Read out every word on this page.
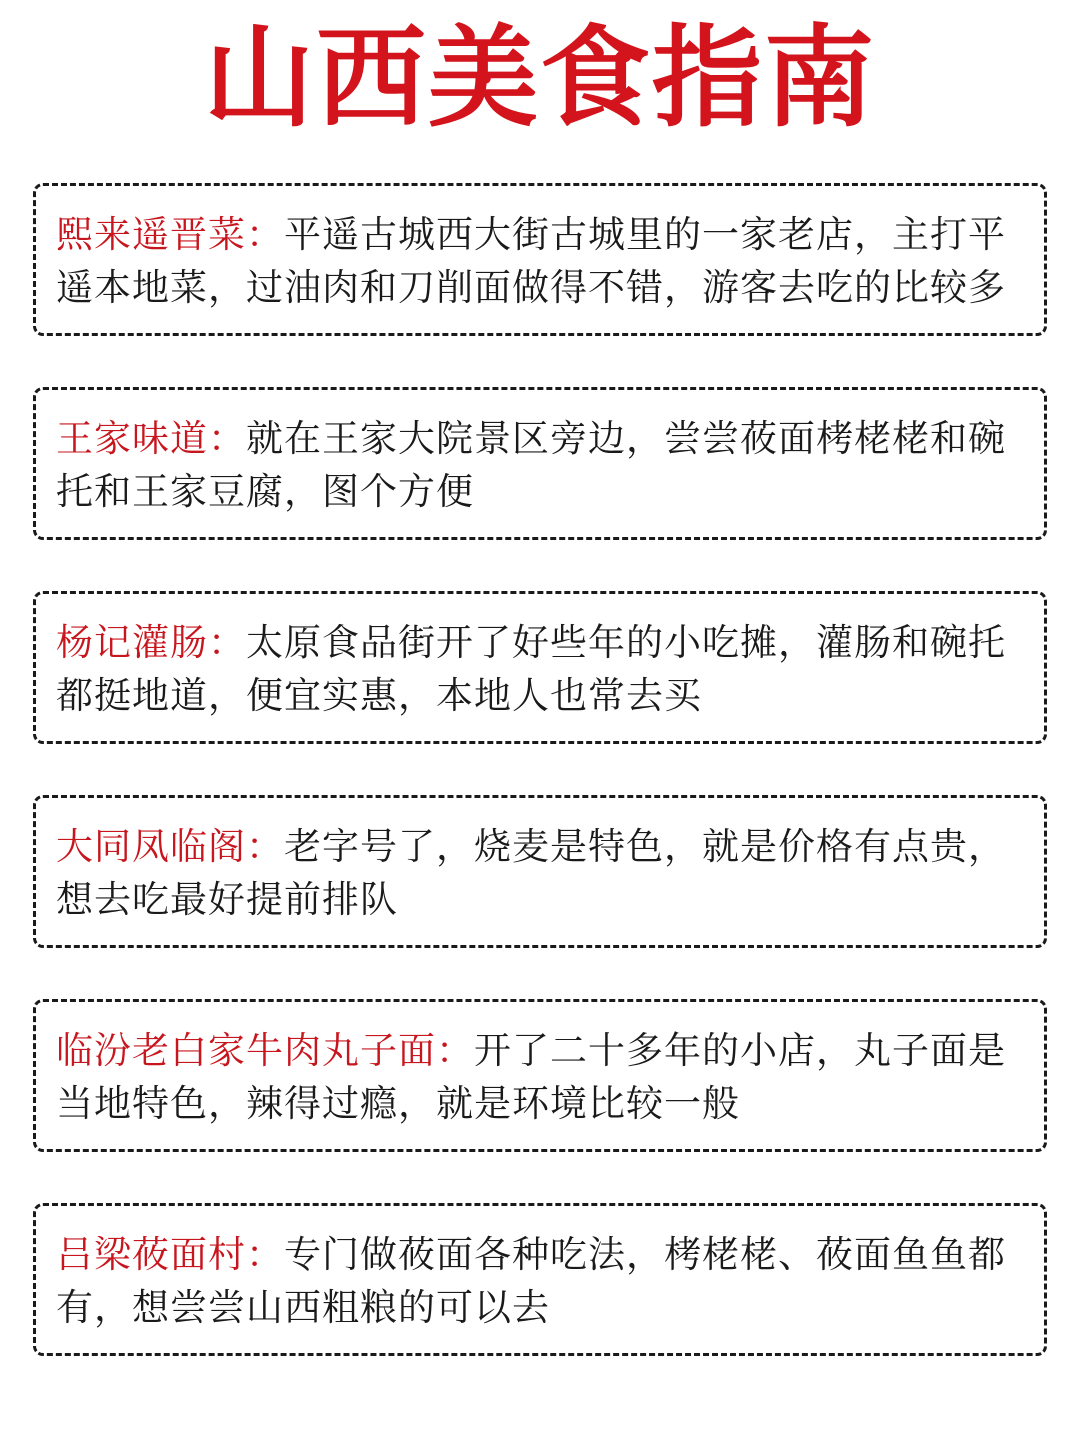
山西美食指南
熙来遥晋菜：平遥古城西大街古城里的一家老店，主打平遥本地菜，过油肉和刀削面做得不错，游客去吃的比较多
王家味道：就在王家大院景区旁边，尝尝莜面栲栳栳和碗托和王家豆腐，图个方便
杨记灌肠：太原食品街开了好些年的小吃摊，灌肠和碗托都挺地道，便宜实惠，本地人也常去买
大同凤临阁：老字号了，烧麦是特色，就是价格有点贵，想去吃最好提前排队
临汾老白家牛肉丸子面：开了二十多年的小店，丸子面是当地特色，辣得过瘾，就是环境比较一般
吕梁莜面村：专门做莜面各种吃法，栲栳栳、莜面鱼鱼都有，想尝尝山西粗粮的可以去
